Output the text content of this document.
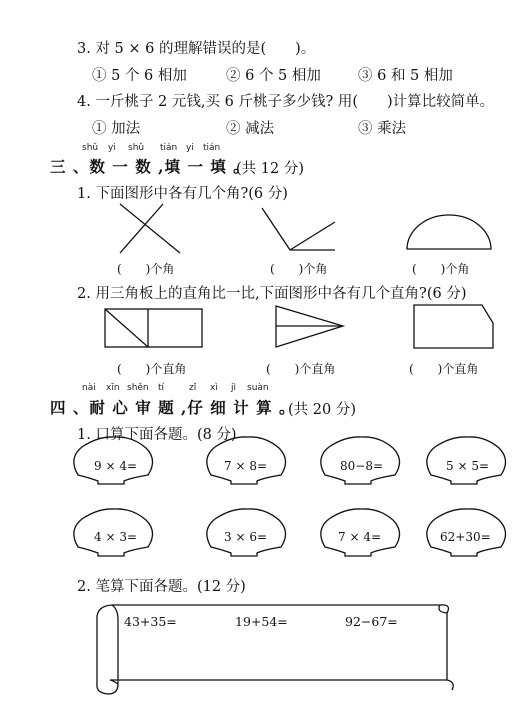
3. 对 5 × 6 的理解错误的是(　　)。
① 5 个 6 相加	② 6 个 5 相加	③ 6 和 5 相加
4. 一斤桃子 2 元钱,买 6 斤桃子多少钱? 用(　　)计算比较简单。
① 加法	② 减法	③ 乘法
shǔ yi shǔ tián yi tián
三 、数 一 数 ,填 一 填 。
(共 12 分)
1. 下面图形中各有几个角?(6 分)
(　　)个角	(　　)个角	(　　)个角
2. 用三角板上的直角比一比,下面图形中各有几个直角?(6 分)
(　　)个直角	(　　)个直角	(　　)个直角
nài xīn shěn tí	zǐ xì jì suàn
四 、耐 心 审 题 ,仔 细 计 算 。
(共 20 分)
1. 口算下面各题。(8 分)
9 × 4=	7 × 8=	80−8=	5 × 5=
4 × 3=	3 × 6=	7 × 4=	62+30=
2. 笔算下面各题。(12 分)
43+35=	19+54=	92−67=
